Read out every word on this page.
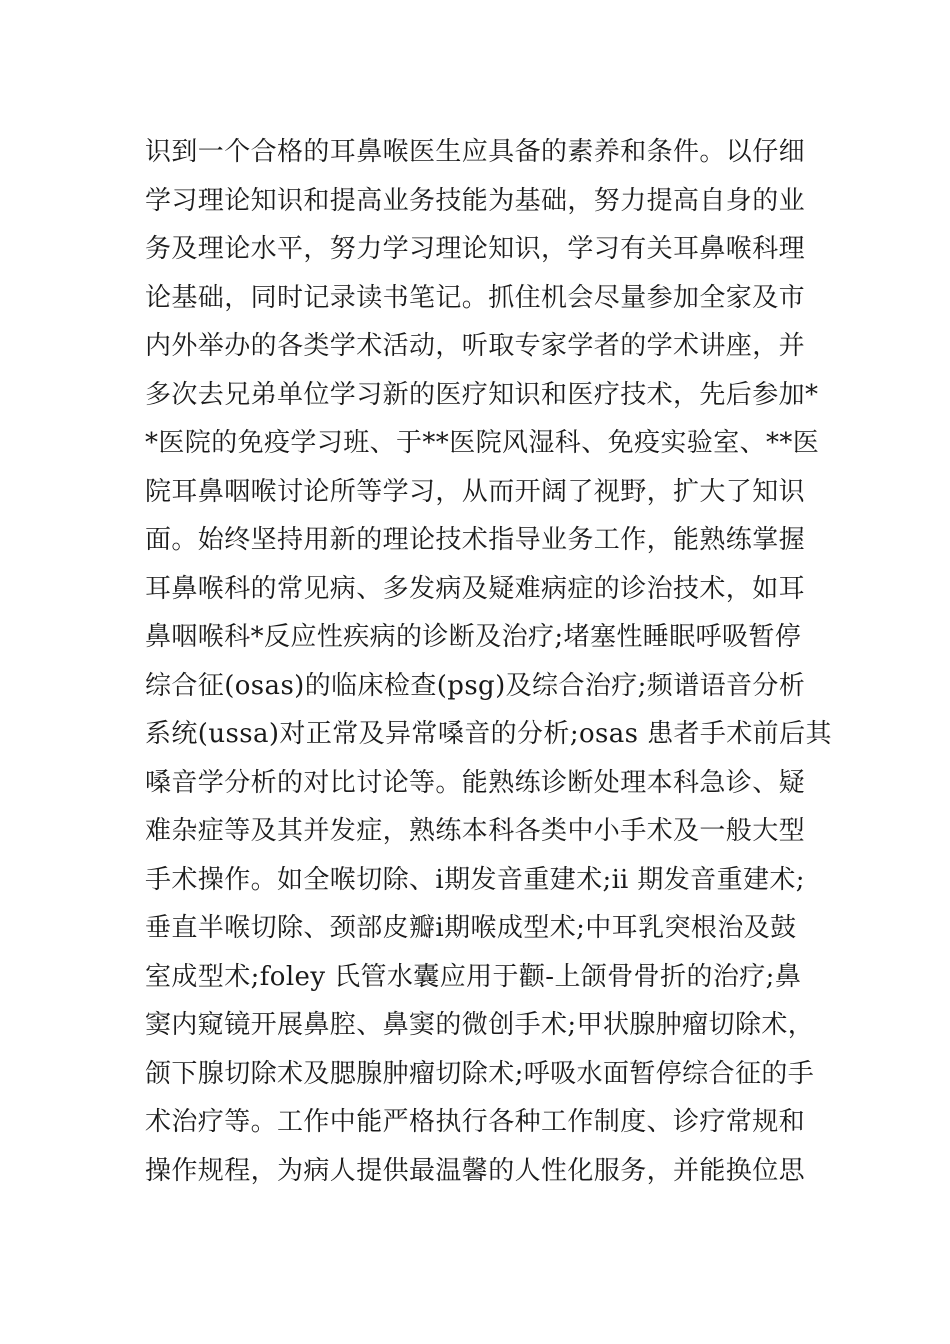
识到一个合格的耳鼻喉医生应具备的素养和条件。以仔细
学习理论知识和提高业务技能为基础，努力提高自身的业
务及理论水平，努力学习理论知识，学习有关耳鼻喉科理
论基础，同时记录读书笔记。抓住机会尽量参加全家及市
内外举办的各类学术活动，听取专家学者的学术讲座，并
多次去兄弟单位学习新的医疗知识和医疗技术，先后参加*
*医院的免疫学习班、于**医院风湿科、免疫实验室、**医
院耳鼻咽喉讨论所等学习，从而开阔了视野，扩大了知识
面。始终坚持用新的理论技术指导业务工作，能熟练掌握
耳鼻喉科的常见病、多发病及疑难病症的诊治技术，如耳
鼻咽喉科*反应性疾病的诊断及治疗;堵塞性睡眠呼吸暂停
综合征(osas)的临床检查(psg)及综合治疗;频谱语音分析
系统(ussa)对正常及异常嗓音的分析;osas 患者手术前后其
嗓音学分析的对比讨论等。能熟练诊断处理本科急诊、疑
难杂症等及其并发症，熟练本科各类中小手术及一般大型
手术操作。如全喉切除、ⅰ期发音重建术;ⅱ 期发音重建术;
垂直半喉切除、颈部皮瓣ⅰ期喉成型术;中耳乳突根治及鼓
室成型术;foley 氏管水囊应用于颧-上颌骨骨折的治疗;鼻
窦内窥镜开展鼻腔、鼻窦的微创手术;甲状腺肿瘤切除术，
颌下腺切除术及腮腺肿瘤切除术;呼吸水面暂停综合征的手
术治疗等。工作中能严格执行各种工作制度、诊疗常规和
操作规程，为病人提供最温馨的人性化服务，并能换位思
